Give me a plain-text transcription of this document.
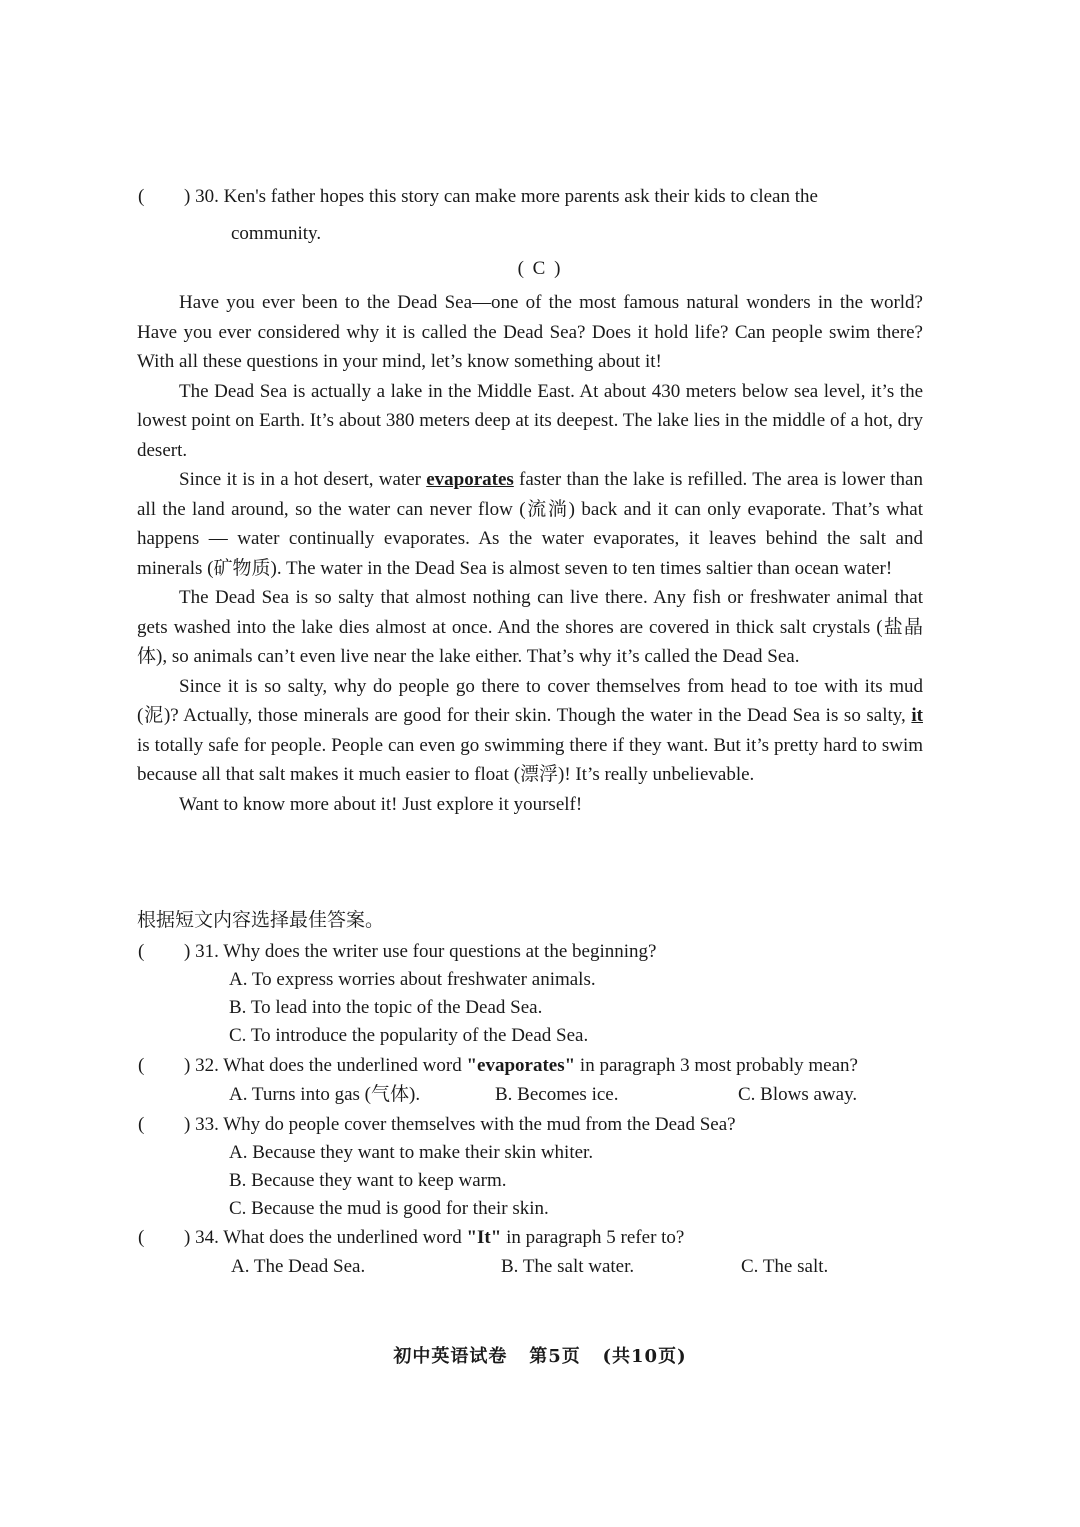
( ) 30. Ken's father hopes this story can make more parents ask their kids to clean the
community.
( C )

Have you ever been to the Dead Sea—one of the most famous natural wonders in the world? Have you ever considered why it is called the Dead Sea? Does it hold life? Can people swim there? With all these questions in your mind, let’s know something about it!

The Dead Sea is actually a lake in the Middle East. At about 430 meters below sea level, it’s the lowest point on Earth. It’s about 380 meters deep at its deepest. The lake lies in the middle of a hot, dry desert.

Since it is in a hot desert, water evaporates faster than the lake is refilled. The area is lower than all the land around, so the water can never flow (流淌) back and it can only evaporate. That’s what happens — water continually evaporates. As the water evaporates, it leaves behind the salt and minerals (矿物质). The water in the Dead Sea is almost seven to ten times saltier than ocean water!

The Dead Sea is so salty that almost nothing can live there. Any fish or freshwater animal that gets washed into the lake dies almost at once. And the shores are covered in thick salt crystals (盐晶体), so animals can’t even live near the lake either. That’s why it’s called the Dead Sea.

Since it is so salty, why do people go there to cover themselves from head to toe with its mud (泥)? Actually, those minerals are good for their skin. Though the water in the Dead Sea is so salty, it is totally safe for people. People can even go swimming there if they want. But it’s pretty hard to swim because all that salt makes it much easier to float (漂浮)! It’s really unbelievable.

Want to know more about it! Just explore it yourself!

根据短文内容选择最佳答案。
( ) 31. Why does the writer use four questions at the beginning?
A. To express worries about freshwater animals.
B. To lead into the topic of the Dead Sea.
C. To introduce the popularity of the Dead Sea.
( ) 32. What does the underlined word "evaporates" in paragraph 3 most probably mean?
A. Turns into gas (气体).	B. Becomes ice.	C. Blows away.
( ) 33. Why do people cover themselves with the mud from the Dead Sea?
A. Because they want to make their skin whiter.
B. Because they want to keep warm.
C. Because the mud is good for their skin.
( ) 34. What does the underlined word "It" in paragraph 5 refer to?
A. The Dead Sea.	B. The salt water.	C. The salt.
初中英语试卷   第5页   (共10页)
